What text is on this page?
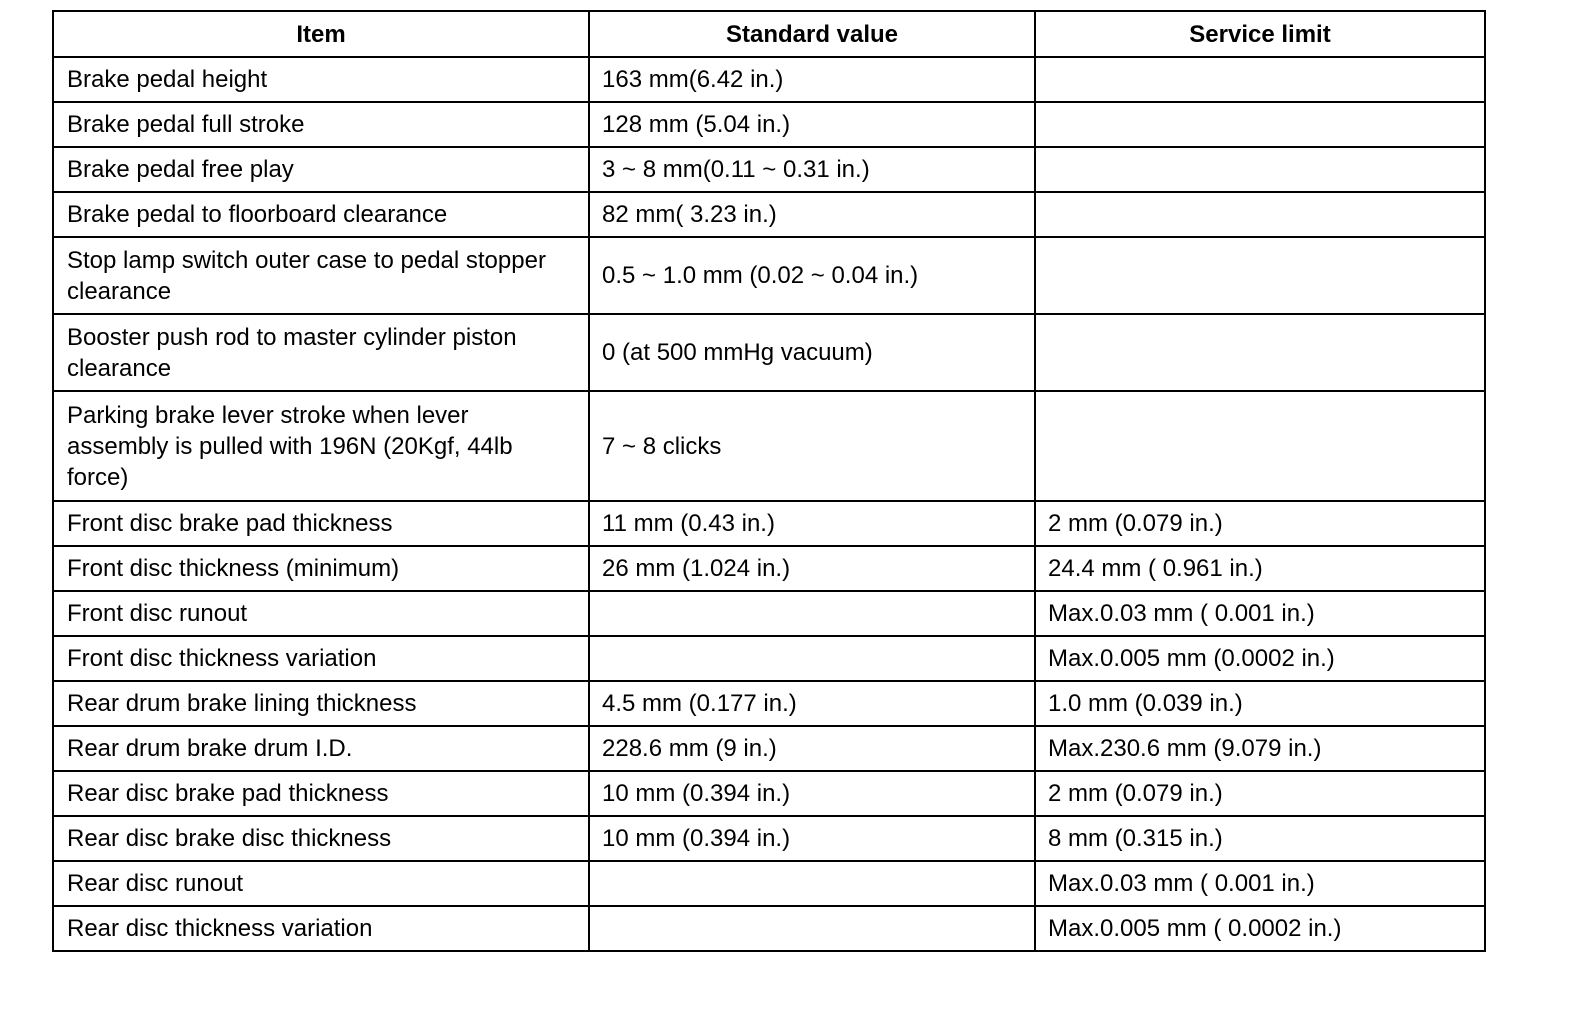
Item	Standard value	Service limit
Brake pedal height	163 mm(6.42 in.)	
Brake pedal full stroke	128 mm (5.04 in.)	
Brake pedal free play	3 ~ 8 mm(0.11 ~ 0.31 in.)	
Brake pedal to floorboard clearance	82 mm( 3.23 in.)	
Stop lamp switch outer case to pedal stopper clearance	0.5 ~ 1.0 mm (0.02 ~ 0.04 in.)	
Booster push rod to master cylinder piston clearance	0 (at 500 mmHg vacuum)	
Parking brake lever stroke when lever assembly is pulled with 196N (20Kgf, 44lb force)	7 ~ 8 clicks	
Front disc brake pad thickness	11 mm (0.43 in.)	2 mm (0.079 in.)
Front disc thickness (minimum)	26 mm (1.024 in.)	24.4 mm ( 0.961 in.)
Front disc runout		Max.0.03 mm ( 0.001 in.)
Front disc thickness variation		Max.0.005 mm (0.0002 in.)
Rear drum brake lining thickness	4.5 mm (0.177 in.)	1.0 mm (0.039 in.)
Rear drum brake drum I.D.	228.6 mm (9 in.)	Max.230.6 mm (9.079 in.)
Rear disc brake pad thickness	10 mm (0.394 in.)	2 mm (0.079 in.)
Rear disc brake disc thickness	10 mm (0.394 in.)	8 mm (0.315 in.)
Rear disc runout		Max.0.03 mm ( 0.001 in.)
Rear disc thickness variation		Max.0.005 mm ( 0.0002 in.)
